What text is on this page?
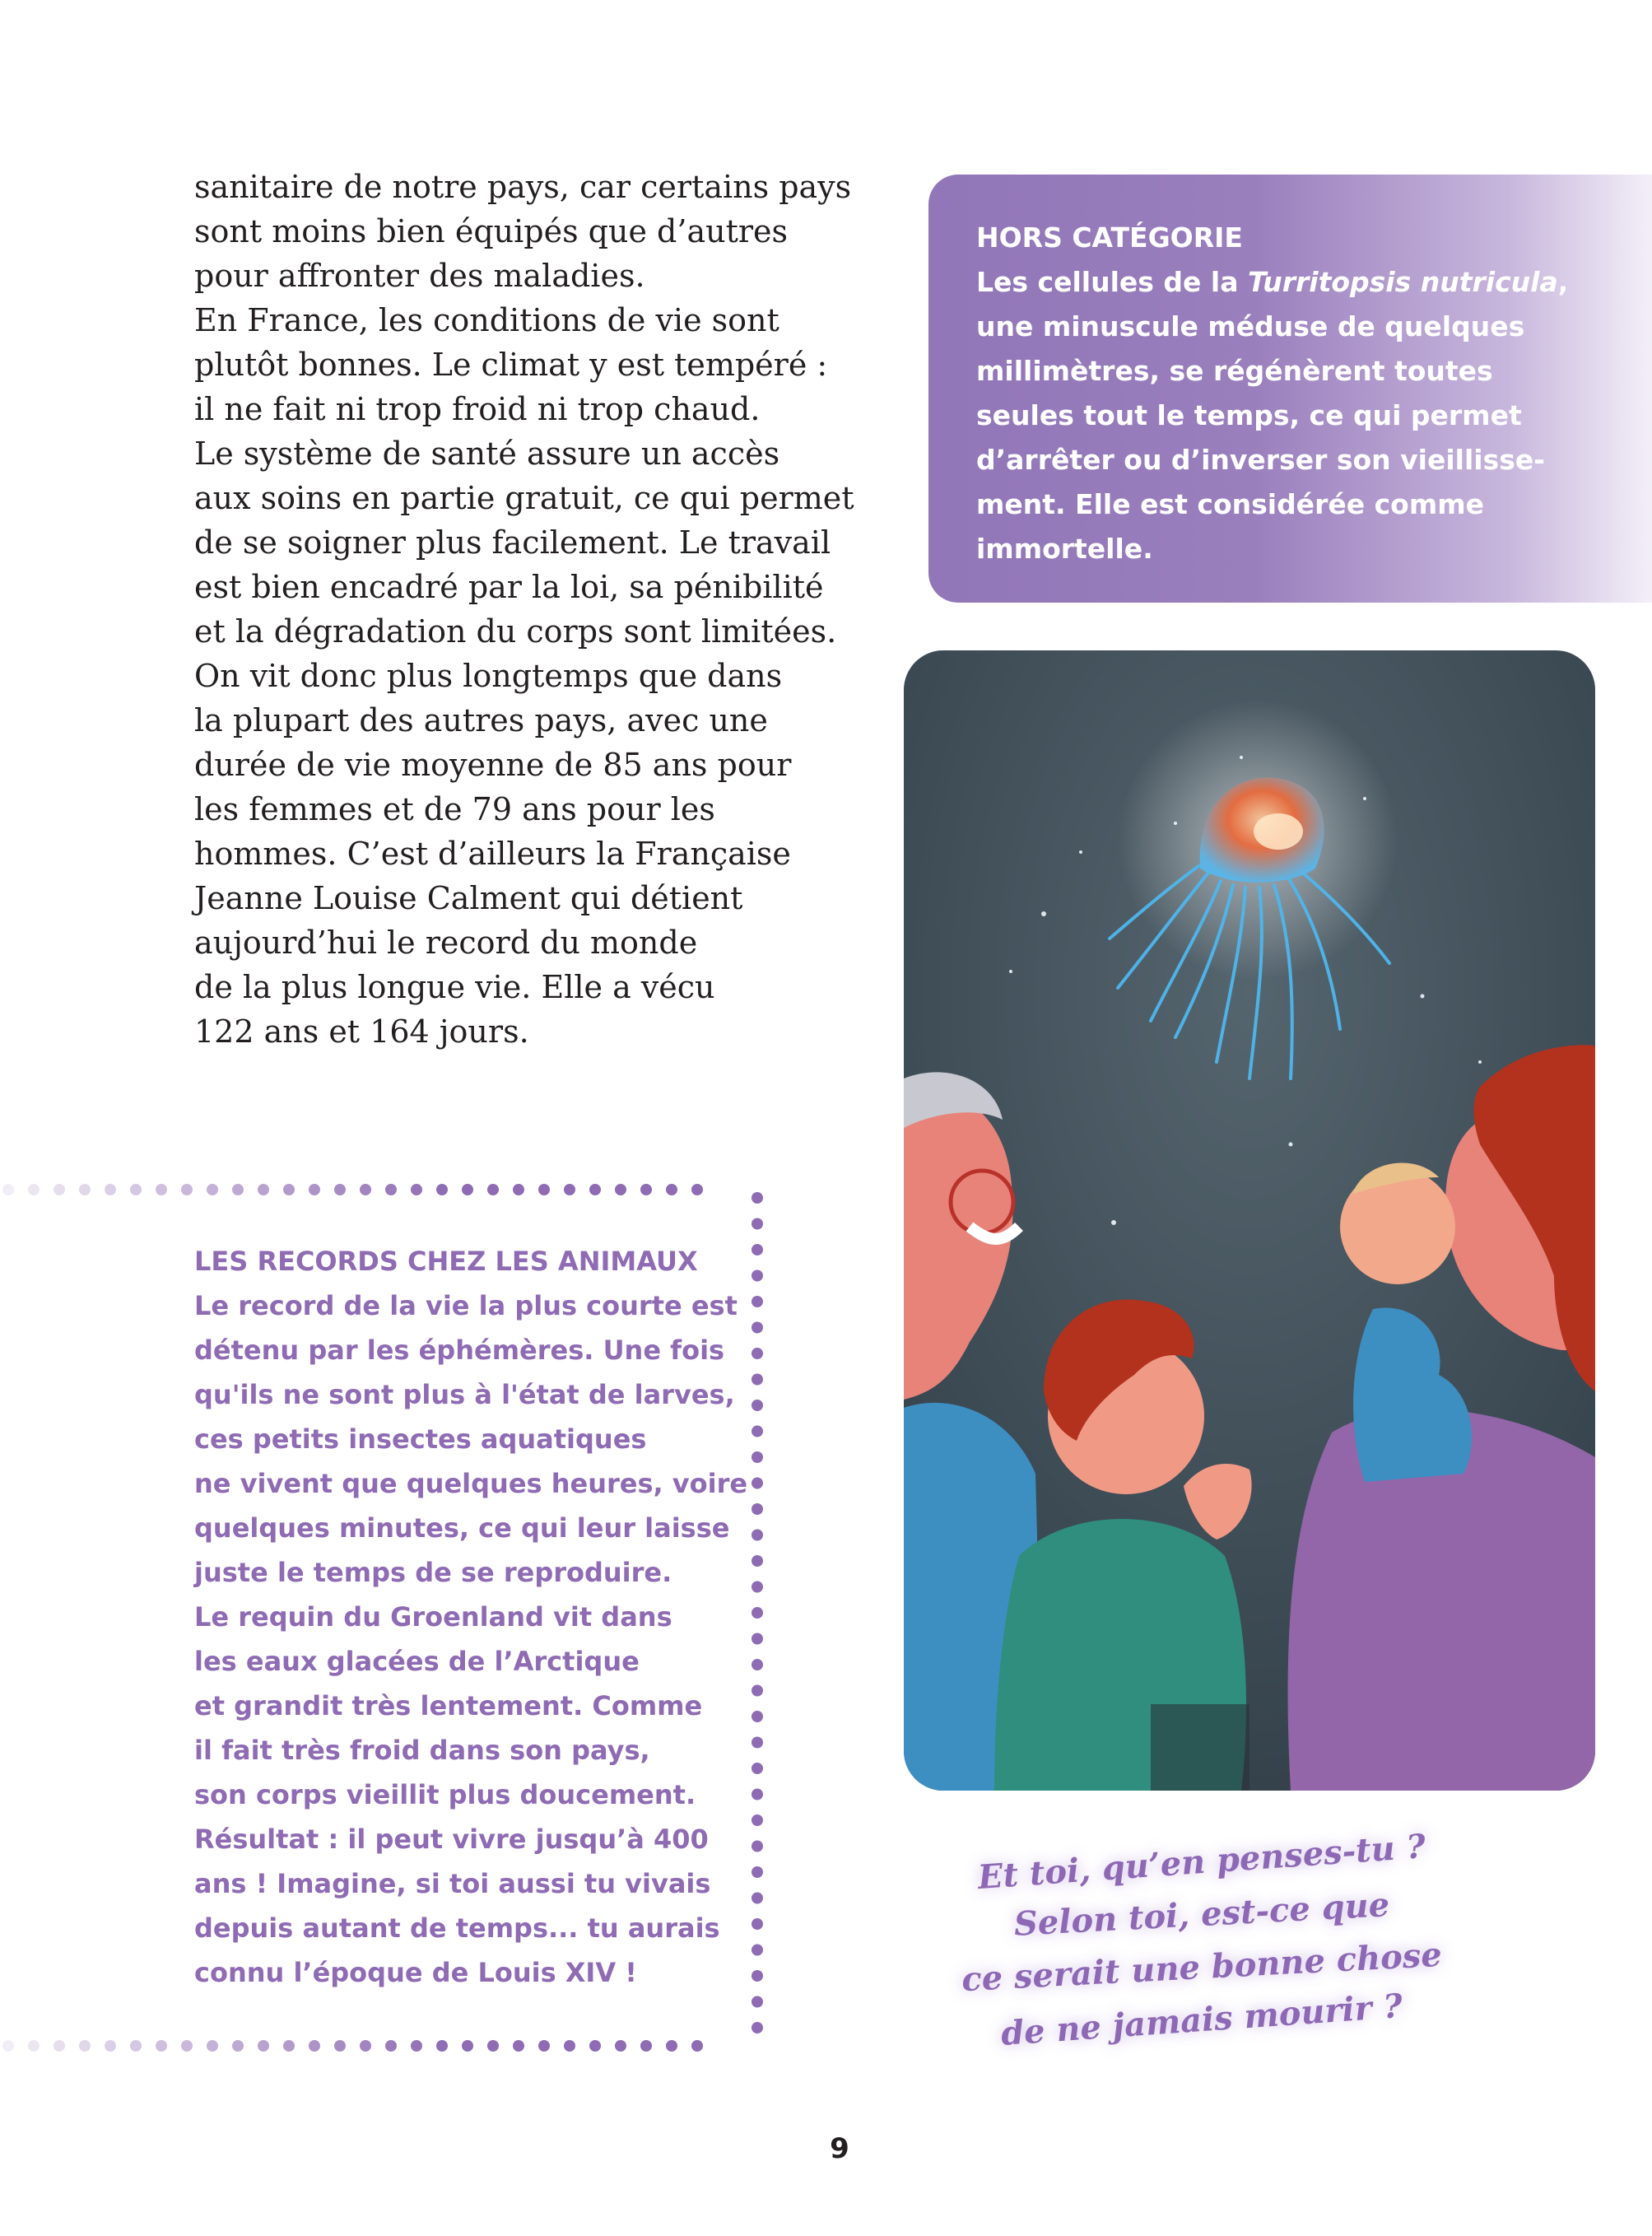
sanitaire de notre pays, car certains pays
sont moins bien équipés que d’autres
pour affronter des maladies.
En France, les conditions de vie sont
plutôt bonnes. Le climat y est tempéré :
il ne fait ni trop froid ni trop chaud.
Le système de santé assure un accès
aux soins en partie gratuit, ce qui permet
de se soigner plus facilement. Le travail
est bien encadré par la loi, sa pénibilité
et la dégradation du corps sont limitées.
On vit donc plus longtemps que dans
la plupart des autres pays, avec une
durée de vie moyenne de 85 ans pour
les femmes et de 79 ans pour les
hommes. C’est d’ailleurs la Française
Jeanne Louise Calment qui détient
aujourd’hui le record du monde
de la plus longue vie. Elle a vécu
122 ans et 164 jours.
HORS CATÉGORIE
Les cellules de la Turritopsis nutricula,
une minuscule méduse de quelques
millimètres, se régénèrent toutes
seules tout le temps, ce qui permet
d’arrêter ou d’inverser son vieillisse-
ment. Elle est considérée comme
immortelle.
LES RECORDS CHEZ LES ANIMAUX
Le record de la vie la plus courte est
détenu par les éphémères. Une fois
qu'ils ne sont plus à l'état de larves,
ces petits insectes aquatiques
ne vivent que quelques heures, voire
quelques minutes, ce qui leur laisse
juste le temps de se reproduire.
Le requin du Groenland vit dans
les eaux glacées de l’Arctique
et grandit très lentement. Comme
il fait très froid dans son pays,
son corps vieillit plus doucement.
Résultat : il peut vivre jusqu’à 400
ans ! Imagine, si toi aussi tu vivais
depuis autant de temps... tu aurais
connu l’époque de Louis XIV !
Et toi, qu’en penses-tu ?
Selon toi, est-ce que
ce serait une bonne chose
de ne jamais mourir ?
9
